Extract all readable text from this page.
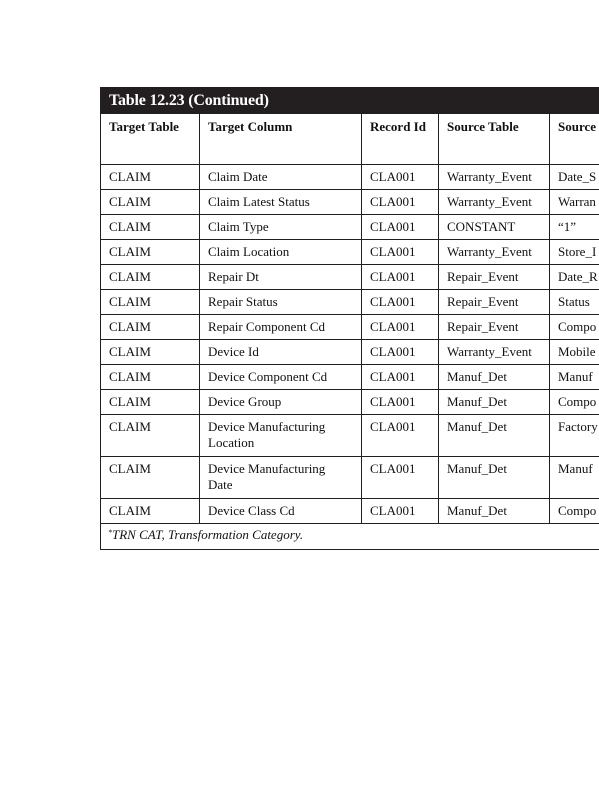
Table 12.23 (Continued)
Target Table	Target Column	Record Id	Source Table	Source
CLAIM	Claim Date	CLA001	Warranty_Event	Date_S
CLAIM	Claim Latest Status	CLA001	Warranty_Event	Warran
CLAIM	Claim Type	CLA001	CONSTANT	“1”
CLAIM	Claim Location	CLA001	Warranty_Event	Store_I
CLAIM	Repair Dt	CLA001	Repair_Event	Date_R
CLAIM	Repair Status	CLA001	Repair_Event	Status
CLAIM	Repair Component Cd	CLA001	Repair_Event	Compo
CLAIM	Device Id	CLA001	Warranty_Event	Mobile
CLAIM	Device Component Cd	CLA001	Manuf_Det	Manuf
CLAIM	Device Group	CLA001	Manuf_Det	Compo
CLAIM	Device Manufacturing Location	CLA001	Manuf_Det	Factory
CLAIM	Device Manufacturing Date	CLA001	Manuf_Det	Manuf
CLAIM	Device Class Cd	CLA001	Manuf_Det	Compo
*TRN CAT, Transformation Category.				
